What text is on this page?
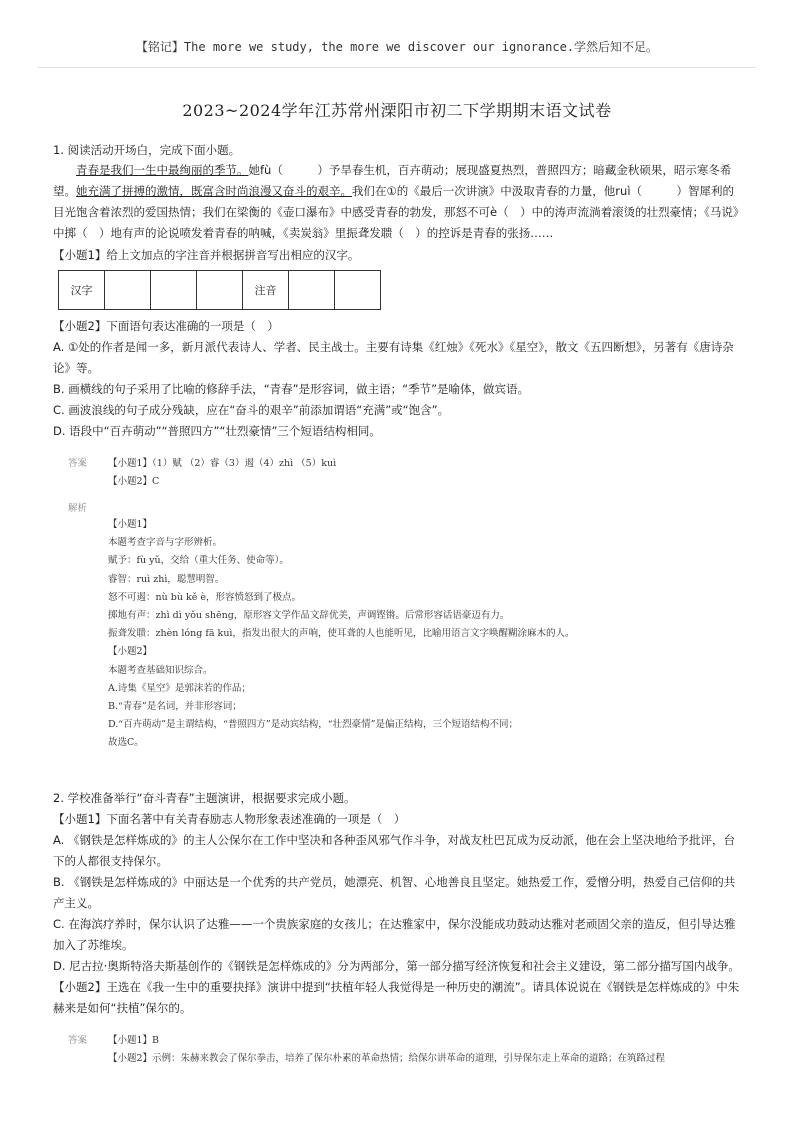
【铭记】The more we study, the more we discover our ignorance.学然后知不足。
2023~2024学年江苏常州溧阳市初二下学期期末语文试卷
1. 阅读活动开场白，完成下面小题。
青春是我们一生中最绚丽的季节。她fù（　　　）予旱春生机，百卉萌动；展现盛夏热烈，普照四方；暗藏金秋硕果，昭示寒冬希望。她充满了拼搏的激情，既富含时尚浪漫又奋斗的艰辛。我们在①的《最后一次讲演》中汲取青春的力量，他ruì（　　　）智犀利的目光饱含着浓烈的爱国热情；我们在梁衡的《壶口瀑布》中感受青春的勃发，那怒不可è（　）中的涛声流淌着滚烫的壮烈豪情；《马说》中掷（　）地有声的论说喷发着青春的呐喊，《卖炭翁》里振聋发聩（　）的控诉是青春的张扬……
【小题1】给上文加点的字注音并根据拼音写出相应的汉字。
汉字				注音		

【小题2】下面语句表达准确的一项是（　）

A. ①处的作者是闻一多，新月派代表诗人、学者、民主战士。主要有诗集《红烛》《死水》《星空》，散文《五四断想》，另著有《唐诗杂论》等。

B. 画横线的句子采用了比喻的修辞手法，“青春”是形容词，做主语；“季节”是喻体，做宾语。

C. 画波浪线的句子成分残缺，应在“奋斗的艰辛”前添加谓语“充满”或“饱含”。

D. 语段中“百卉萌动”“普照四方”“壮烈豪情”三个短语结构相同。

答案 【小题1】（1）赋 （2）睿（3）遏（4）zhì （5）kuì

【小题2】C

解析

【小题1】

本题考查字音与字形辨析。

赋予：fù yǔ，交给（重大任务、使命等）。

睿智：ruì zhì，聪慧明智。

怒不可遏：nù bù kě è，形容愤怒到了极点。

掷地有声：zhì dì yǒu shēng，原形容文学作品文辞优美，声调铿锵。后常形容话语豪迈有力。

振聋发聩：zhèn lóng fā kuì，指发出很大的声响，使耳聋的人也能听见，比喻用语言文字唤醒糊涂麻木的人。

【小题2】

本题考查基础知识综合。

A.诗集《星空》是郭沫若的作品；

B.“青春”是名词，并非形容词；

D.“百卉萌动”是主谓结构，“普照四方”是动宾结构，“壮烈豪情”是偏正结构，三个短语结构不同；

故选C。

2. 学校准备举行“奋斗青春”主题演讲，根据要求完成小题。

【小题1】下面名著中有关青春励志人物形象表述准确的一项是（　）

A. 《钢铁是怎样炼成的》的主人公保尔在工作中坚决和各种歪风邪气作斗争，对战友杜巴瓦成为反动派，他在会上坚决地给予批评，台下的人都很支持保尔。

B. 《钢铁是怎样炼成的》中丽达是一个优秀的共产党员，她漂亮、机智、心地善良且坚定。她热爱工作，爱憎分明，热爱自己信仰的共产主义。

C. 在海滨疗养时，保尔认识了达雅——一个贵族家庭的女孩儿；在达雅家中，保尔没能成功鼓动达雅对老顽固父亲的造反，但引导达雅加入了苏维埃。

D. 尼古拉·奥斯特洛夫斯基创作的《钢铁是怎样炼成的》分为两部分，第一部分描写经济恢复和社会主义建设，第二部分描写国内战争。

【小题2】王选在《我一生中的重要抉择》演讲中提到“扶植年轻人我觉得是一种历史的潮流”。请具体说说在《钢铁是怎样炼成的》中朱赫来是如何“扶植”保尔的。

答案 【小题1】B

【小题2】示例：朱赫来教会了保尔拳击，培养了保尔朴素的革命热情；给保尔讲革命的道理，引导保尔走上革命的道路；在筑路过程
